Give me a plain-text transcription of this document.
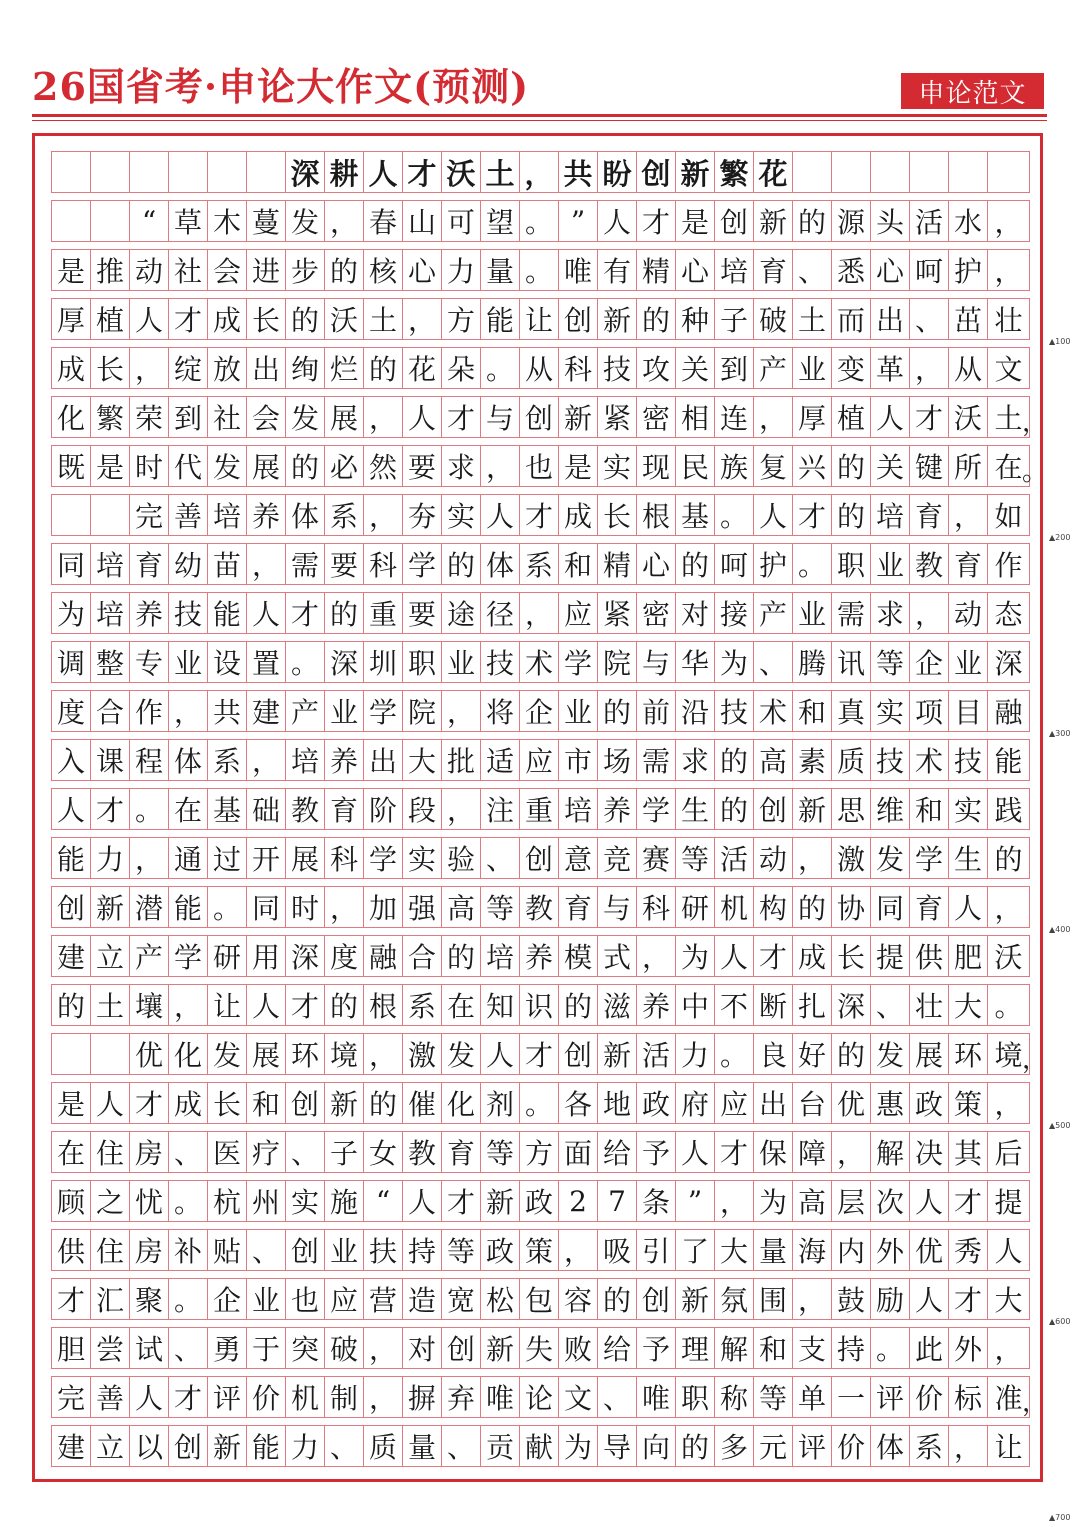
26国省考·申论大作文(预测)	申论范文
深 耕 人 才 沃 土 ， 共 盼 创 新 繁 花
“ 草 木 蔓 发 ， 春 山 可 望 。 ” 人 才 是 创 新 的 源 头 活 水 ，
是 推 动 社 会 进 步 的 核 心 力 量 。 唯 有 精 心 培 育 、 悉 心 呵 护 ，
厚 植 人 才 成 长 的 沃 土 ， 方 能 让 创 新 的 种 子 破 土 而 出 、 茁 壮
成 长 ， 绽 放 出 绚 烂 的 花 朵 。 从 科 技 攻 关 到 产 业 变 革 ， 从 文
化 繁 荣 到 社 会 发 展 ， 人 才 与 创 新 紧 密 相 连 ， 厚 植 人 才 沃 土
既 是 时 代 发 展 的 必 然 要 求 ， 也 是 实 现 民 族 复 兴 的 关 键 所 在
完 善 培 养 体 系 ， 夯 实 人 才 成 长 根 基 。 人 才 的 培 育 ， 如
同 培 育 幼 苗 ， 需 要 科 学 的 体 系 和 精 心 的 呵 护 。 职 业 教 育 作
为 培 养 技 能 人 才 的 重 要 途 径 ， 应 紧 密 对 接 产 业 需 求 ， 动 态
调 整 专 业 设 置 。 深 圳 职 业 技 术 学 院 与 华 为 、 腾 讯 等 企 业 深
度 合 作 ， 共 建 产 业 学 院 ， 将 企 业 的 前 沿 技 术 和 真 实 项 目 融
入 课 程 体 系 ， 培 养 出 大 批 适 应 市 场 需 求 的 高 素 质 技 术 技 能
人 才 。 在 基 础 教 育 阶 段 ， 注 重 培 养 学 生 的 创 新 思 维 和 实 践
能 力 ， 通 过 开 展 科 学 实 验 、 创 意 竞 赛 等 活 动 ， 激 发 学 生 的
创 新 潜 能 。 同 时 ， 加 强 高 等 教 育 与 科 研 机 构 的 协 同 育 人 ，
建 立 产 学 研 用 深 度 融 合 的 培 养 模 式 ， 为 人 才 成 长 提 供 肥 沃
的 土 壤 ， 让 人 才 的 根 系 在 知 识 的 滋 养 中 不 断 扎 深 、 壮 大 。
优 化 发 展 环 境 ， 激 发 人 才 创 新 活 力 。 良 好 的 发 展 环 境
是 人 才 成 长 和 创 新 的 催 化 剂 。 各 地 政 府 应 出 台 优 惠 政 策 ，
在 住 房 、 医 疗 、 子 女 教 育 等 方 面 给 予 人 才 保 障 ， 解 决 其 后
顾 之 忧 。 杭 州 实 施 “ 人 才 新 政 2 7 条 ” ， 为 高 层 次 人 才 提
供 住 房 补 贴 、 创 业 扶 持 等 政 策 ， 吸 引 了 大 量 海 内 外 优 秀 人
才 汇 聚 。 企 业 也 应 营 造 宽 松 包 容 的 创 新 氛 围 ， 鼓 励 人 才 大
胆 尝 试 、 勇 于 突 破 ， 对 创 新 失 败 给 予 理 解 和 支 持 。 此 外 ，
完 善 人 才 评 价 机 制 ， 摒 弃 唯 论 文 、 唯 职 称 等 单 一 评 价 标 准
建 立 以 创 新 能 力 、 质 量 、 贡 献 为 导 向 的 多 元 评 价 体 系 ， 让
▲100
▲200
▲300
▲400
▲500
▲600
▲700
，
。
，
，
